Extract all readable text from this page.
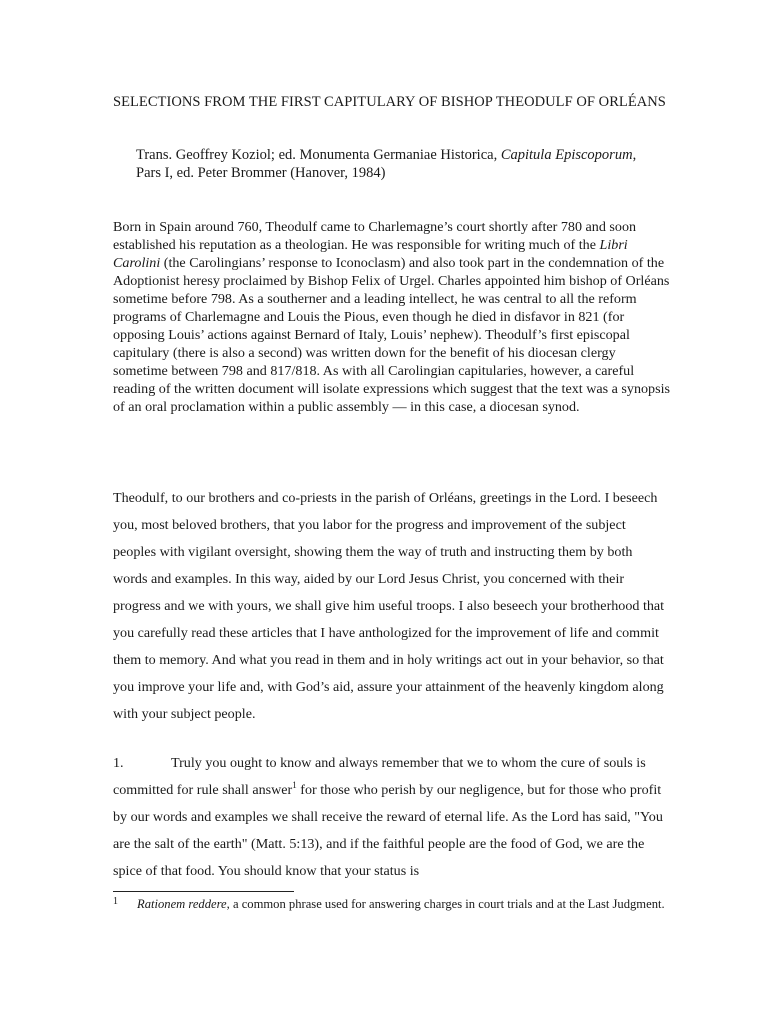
SELECTIONS FROM THE FIRST CAPITULARY OF BISHOP THEODULF OF ORLÉANS
Trans. Geoffrey Koziol; ed. Monumenta Germaniae Historica, Capitula Episcoporum, Pars I, ed. Peter Brommer (Hanover, 1984)

Born in Spain around 760, Theodulf came to Charlemagne’s court shortly after 780 and soon established his reputation as a theologian. He was responsible for writing much of the Libri Carolini (the Carolingians’ response to Iconoclasm) and also took part in the condemnation of the Adoptionist heresy proclaimed by Bishop Felix of Urgel. Charles appointed him bishop of Orléans sometime before 798. As a southerner and a leading intellect, he was central to all the reform programs of Charlemagne and Louis the Pious, even though he died in disfavor in 821 (for opposing Louis’ actions against Bernard of Italy, Louis’ nephew). Theodulf’s first episcopal capitulary (there is also a second) was written down for the benefit of his diocesan clergy sometime between 798 and 817/818. As with all Carolingian capitularies, however, a careful reading of the written document will isolate expressions which suggest that the text was a synopsis of an oral proclamation within a public assembly — in this case, a diocesan synod.

Theodulf, to our brothers and co-priests in the parish of Orléans, greetings in the Lord. I beseech you, most beloved brothers, that you labor for the progress and improvement of the subject peoples with vigilant oversight, showing them the way of truth and instructing them by both words and examples. In this way, aided by our Lord Jesus Christ, you concerned with their progress and we with yours, we shall give him useful troops. I also beseech your brotherhood that you carefully read these articles that I have anthologized for the improvement of life and commit them to memory. And what you read in them and in holy writings act out in your behavior, so that you improve your life and, with God’s aid, assure your attainment of the heavenly kingdom along with your subject people.

1.	Truly you ought to know and always remember that we to whom the cure of souls is committed for rule shall answer$^1$ for those who perish by our negligence, but for those who profit by our words and examples we shall receive the reward of eternal life. As the Lord has said, "You are the salt of the earth" (Matt. 5:13), and if the faithful people are the food of God, we are the spice of that food. You should know that your status is

1 Rationem reddere, a common phrase used for answering charges in court trials and at the Last Judgment.
